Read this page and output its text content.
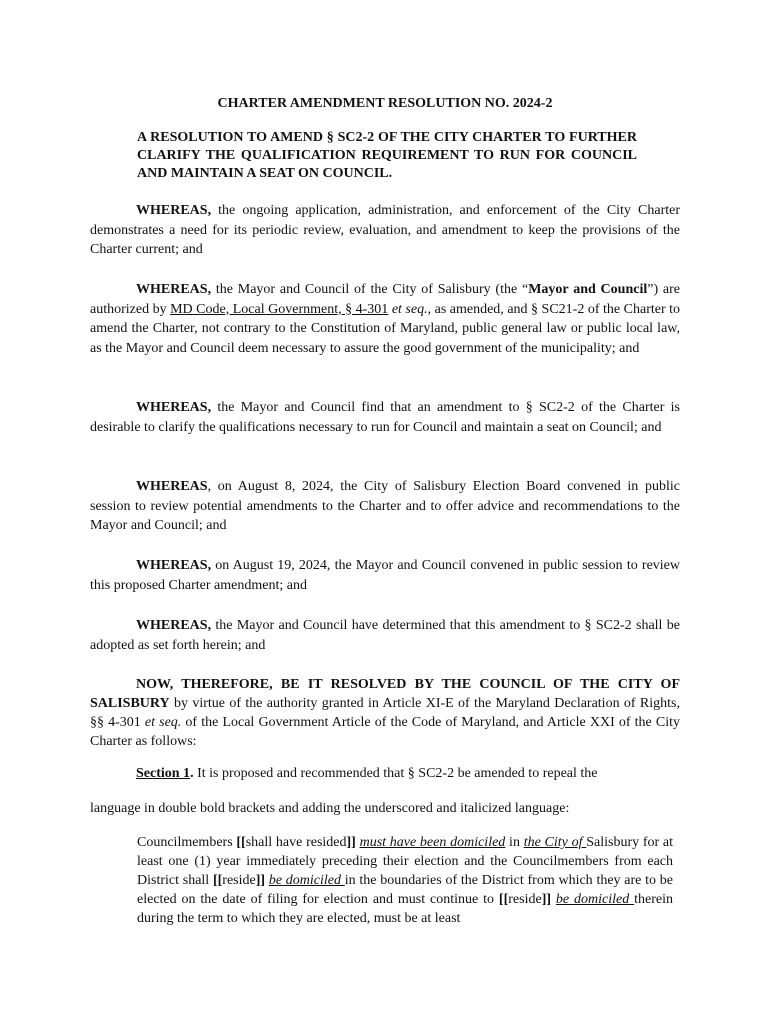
CHARTER AMENDMENT RESOLUTION NO. 2024-2
A RESOLUTION TO AMEND § SC2-2 OF THE CITY CHARTER TO FURTHER CLARIFY THE QUALIFICATION REQUIREMENT TO RUN FOR COUNCIL AND MAINTAIN A SEAT ON COUNCIL.
WHEREAS, the ongoing application, administration, and enforcement of the City Charter demonstrates a need for its periodic review, evaluation, and amendment to keep the provisions of the Charter current; and
WHEREAS, the Mayor and Council of the City of Salisbury (the “Mayor and Council”) are authorized by MD Code, Local Government, § 4-301 et seq., as amended, and § SC21-2 of the Charter to amend the Charter, not contrary to the Constitution of Maryland, public general law or public local law, as the Mayor and Council deem necessary to assure the good government of the municipality; and
WHEREAS, the Mayor and Council find that an amendment to § SC2-2 of the Charter is desirable to clarify the qualifications necessary to run for Council and maintain a seat on Council; and
WHEREAS, on August 8, 2024, the City of Salisbury Election Board convened in public session to review potential amendments to the Charter and to offer advice and recommendations to the Mayor and Council; and
WHEREAS, on August 19, 2024, the Mayor and Council convened in public session to review this proposed Charter amendment; and
WHEREAS, the Mayor and Council have determined that this amendment to § SC2-2 shall be adopted as set forth herein; and
NOW, THEREFORE, BE IT RESOLVED BY THE COUNCIL OF THE CITY OF SALISBURY by virtue of the authority granted in Article XI-E of the Maryland Declaration of Rights, §§ 4-301 et seq. of the Local Government Article of the Code of Maryland, and Article XXI of the City Charter as follows:
Section 1. It is proposed and recommended that § SC2-2 be amended to repeal the
language in double bold brackets and adding the underscored and italicized language:
Councilmembers [[shall have resided]] must have been domiciled in the City of Salisbury for at least one (1) year immediately preceding their election and the Councilmembers from each District shall [[reside]] be domiciled in the boundaries of the District from which they are to be elected on the date of filing for election and must continue to [[reside]] be domiciled therein during the term to which they are elected, must be at least
